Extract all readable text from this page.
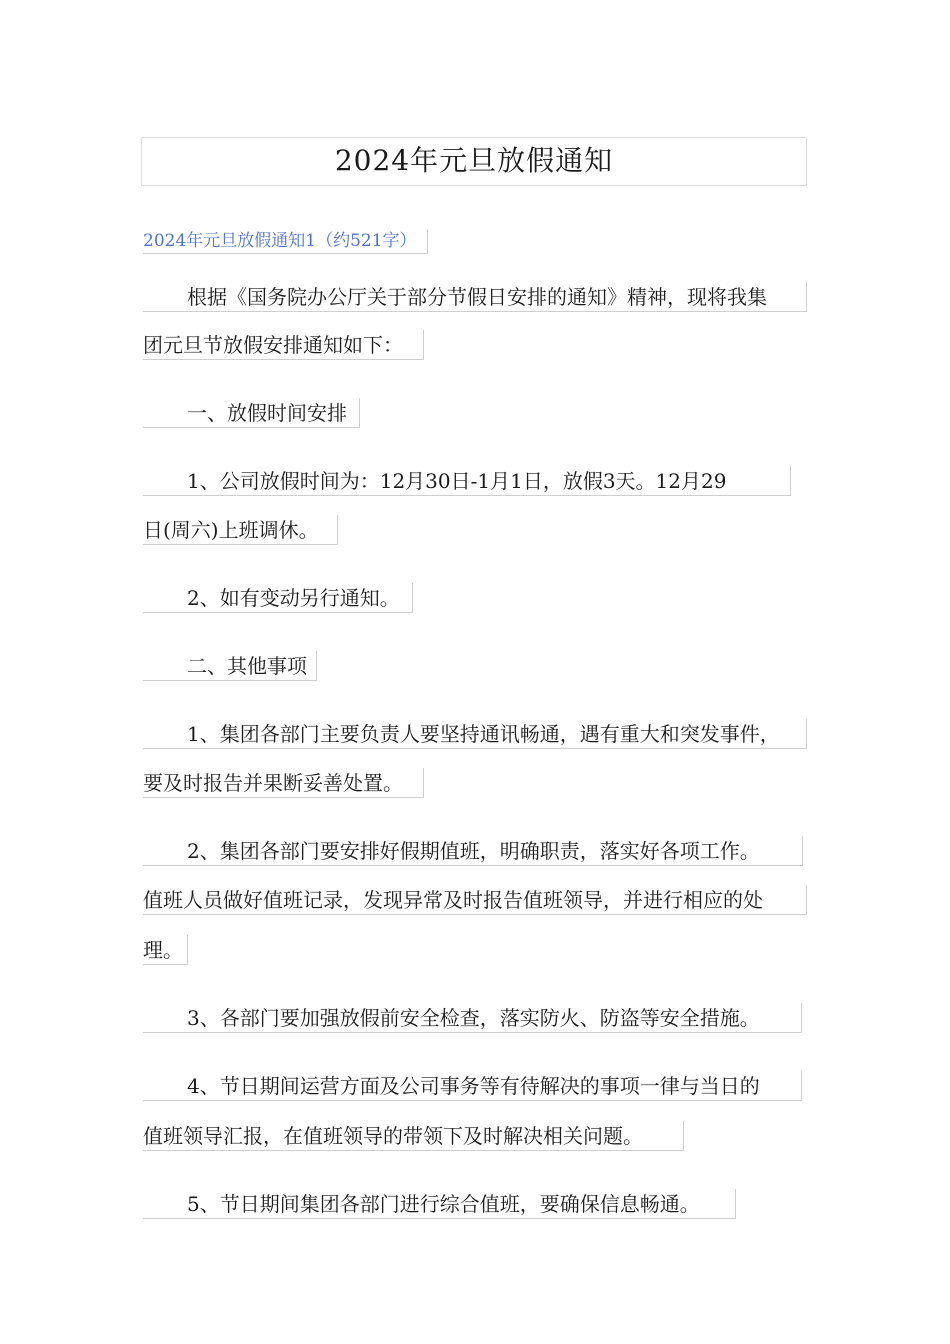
2024年元旦放假通知
2024年元旦放假通知1（约521字）
根据《国务院办公厅关于部分节假日安排的通知》精神，现将我集
团元旦节放假安排通知如下：
一、放假时间安排
1、公司放假时间为：12月30日-1月1日，放假3天。12月29
日(周六)上班调休。
2、如有变动另行通知。
二、其他事项
1、集团各部门主要负责人要坚持通讯畅通，遇有重大和突发事件，
要及时报告并果断妥善处置。
2、集团各部门要安排好假期值班，明确职责，落实好各项工作。
值班人员做好值班记录，发现异常及时报告值班领导，并进行相应的处
理。
3、各部门要加强放假前安全检查，落实防火、防盗等安全措施。
4、节日期间运营方面及公司事务等有待解决的事项一律与当日的
值班领导汇报，在值班领导的带领下及时解决相关问题。
5、节日期间集团各部门进行综合值班，要确保信息畅通。
